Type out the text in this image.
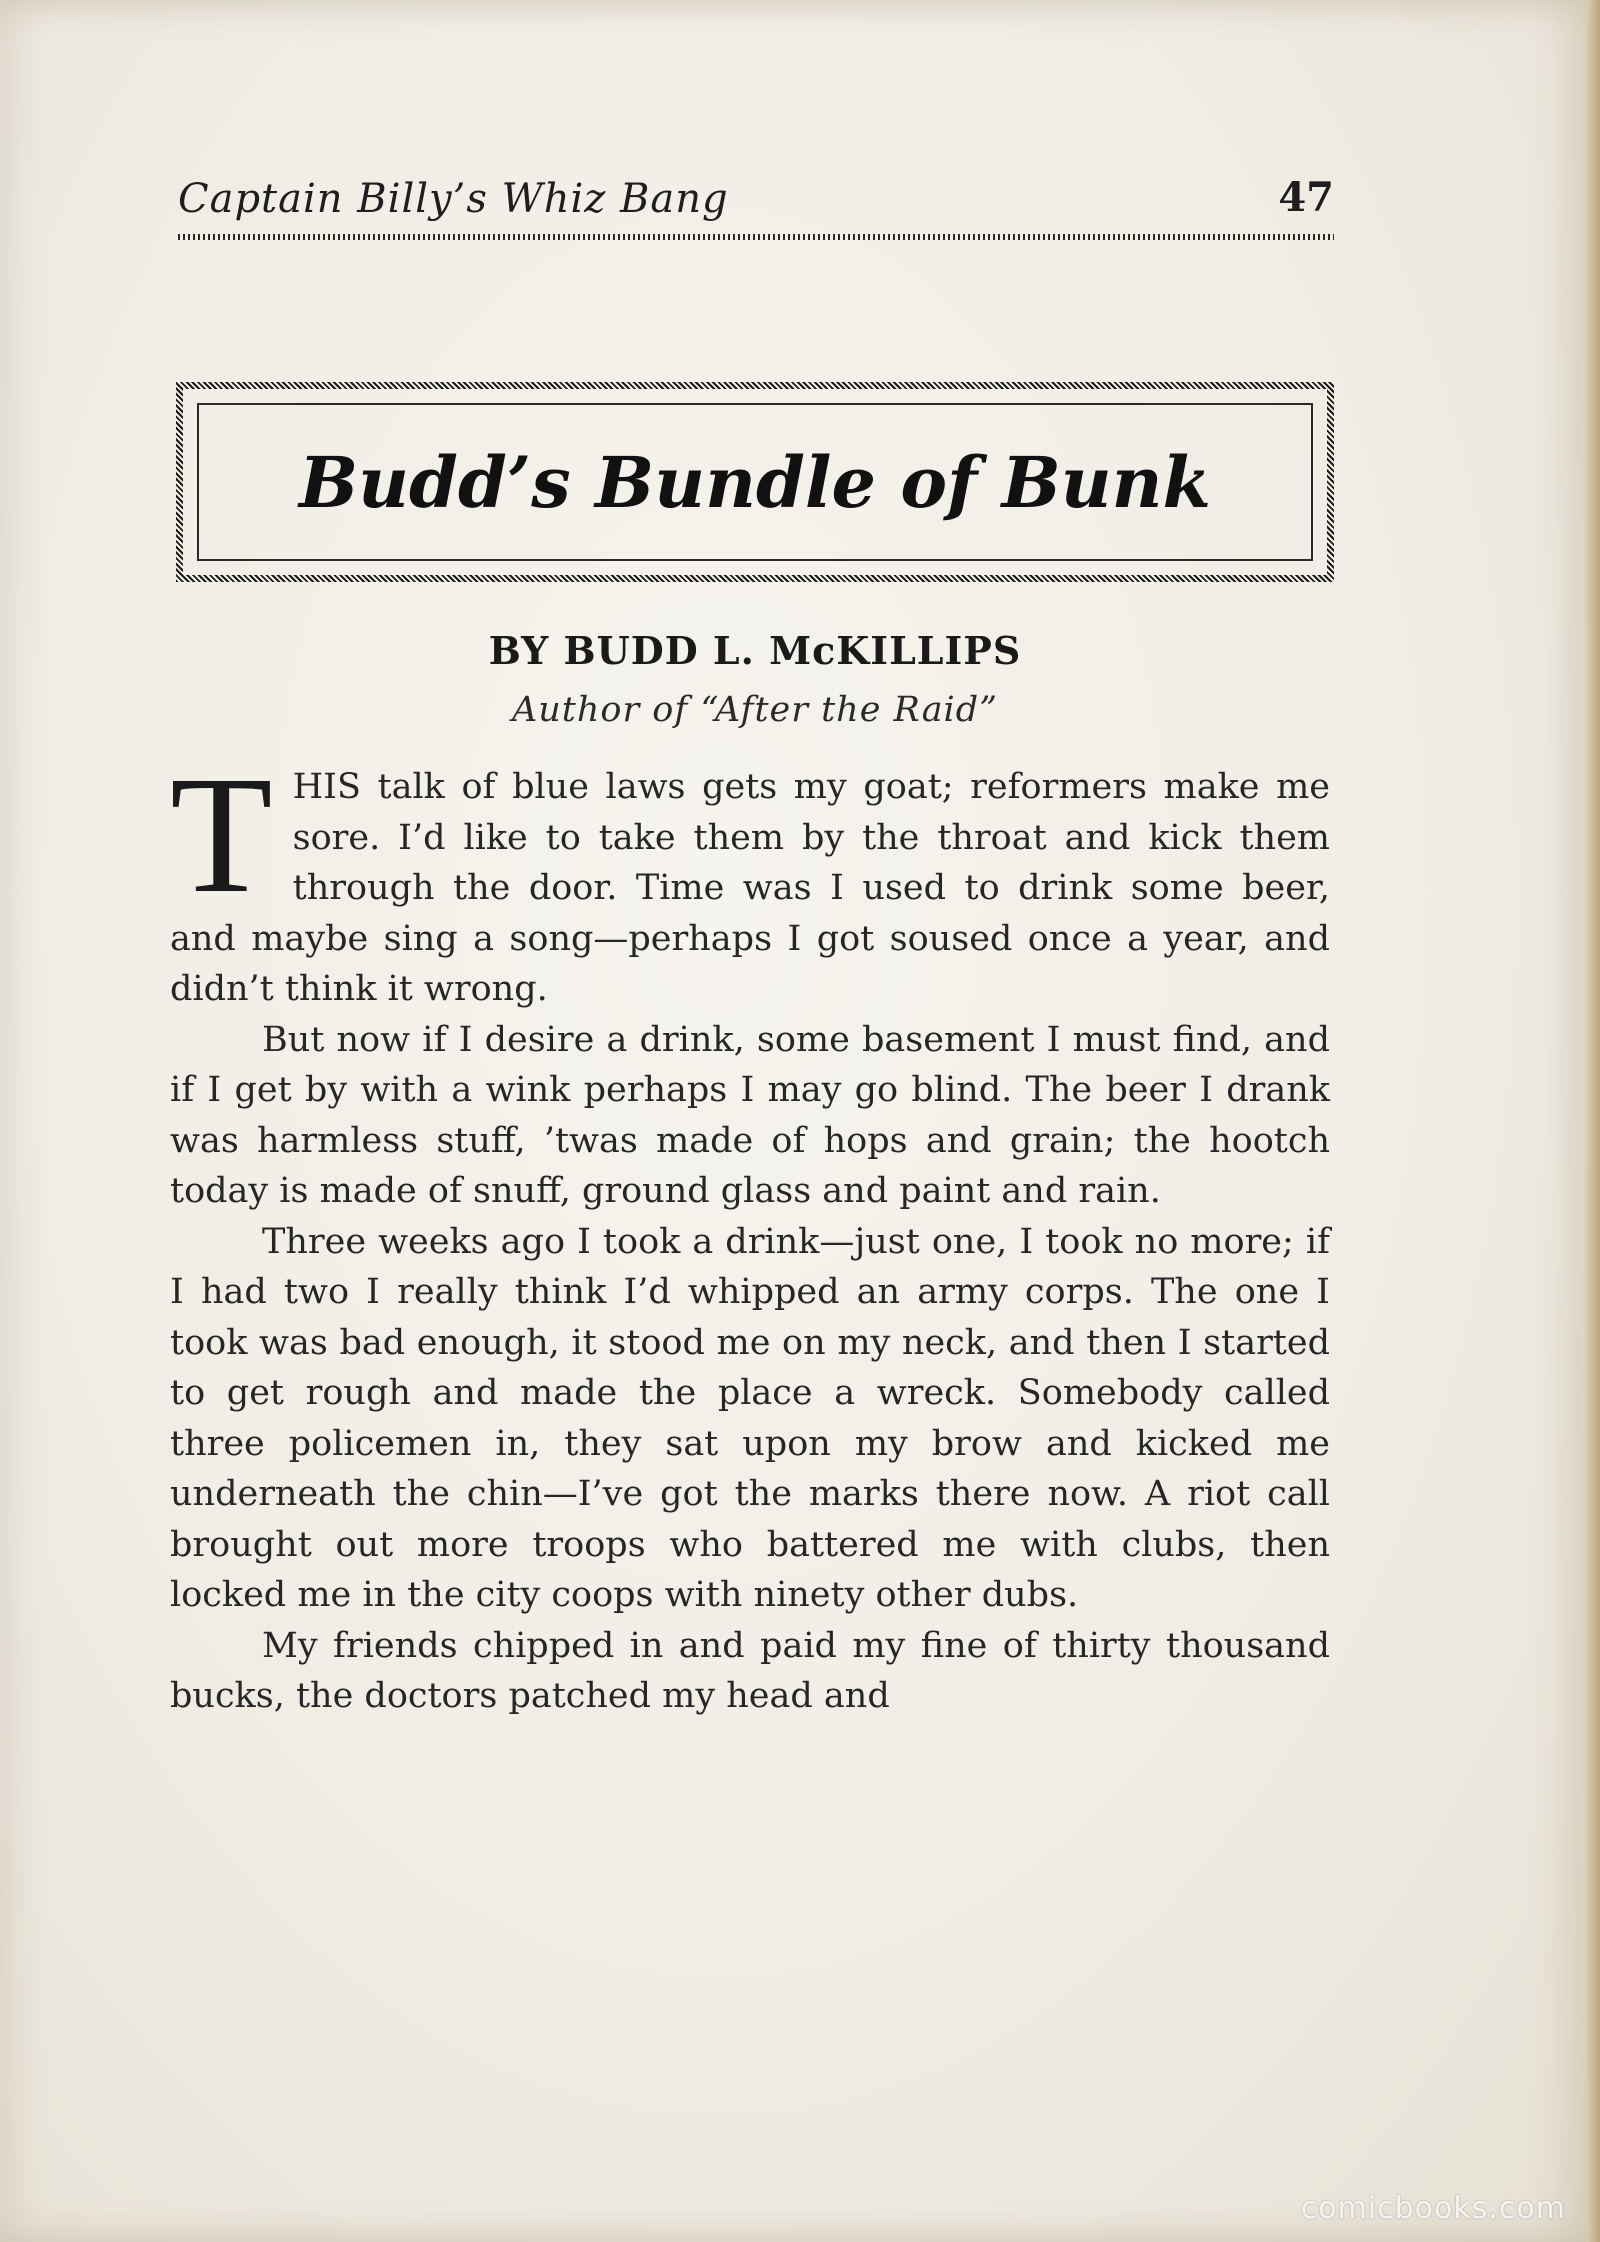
Captain Billy’s Whiz Bang	47
Budd’s Bundle of Bunk
BY BUDD L. McKILLIPS
Author of “After the Raid”

THIS talk of blue laws gets my goat; reformers make me sore. I’d like to take them by the throat and kick them through the door. Time was I used to drink some beer, and maybe sing a song—perhaps I got soused once a year, and didn’t think it wrong.

But now if I desire a drink, some basement I must find, and if I get by with a wink perhaps I may go blind. The beer I drank was harmless stuff, ’twas made of hops and grain; the hootch today is made of snuff, ground glass and paint and rain.

Three weeks ago I took a drink—just one, I took no more; if I had two I really think I’d whipped an army corps. The one I took was bad enough, it stood me on my neck, and then I started to get rough and made the place a wreck. Somebody called three policemen in, they sat upon my brow and kicked me underneath the chin—I’ve got the marks there now. A riot call brought out more troops who battered me with clubs, then locked me in the city coops with ninety other dubs.

My friends chipped in and paid my fine of thirty thousand bucks, the doctors patched my head and

comicbooks.com
